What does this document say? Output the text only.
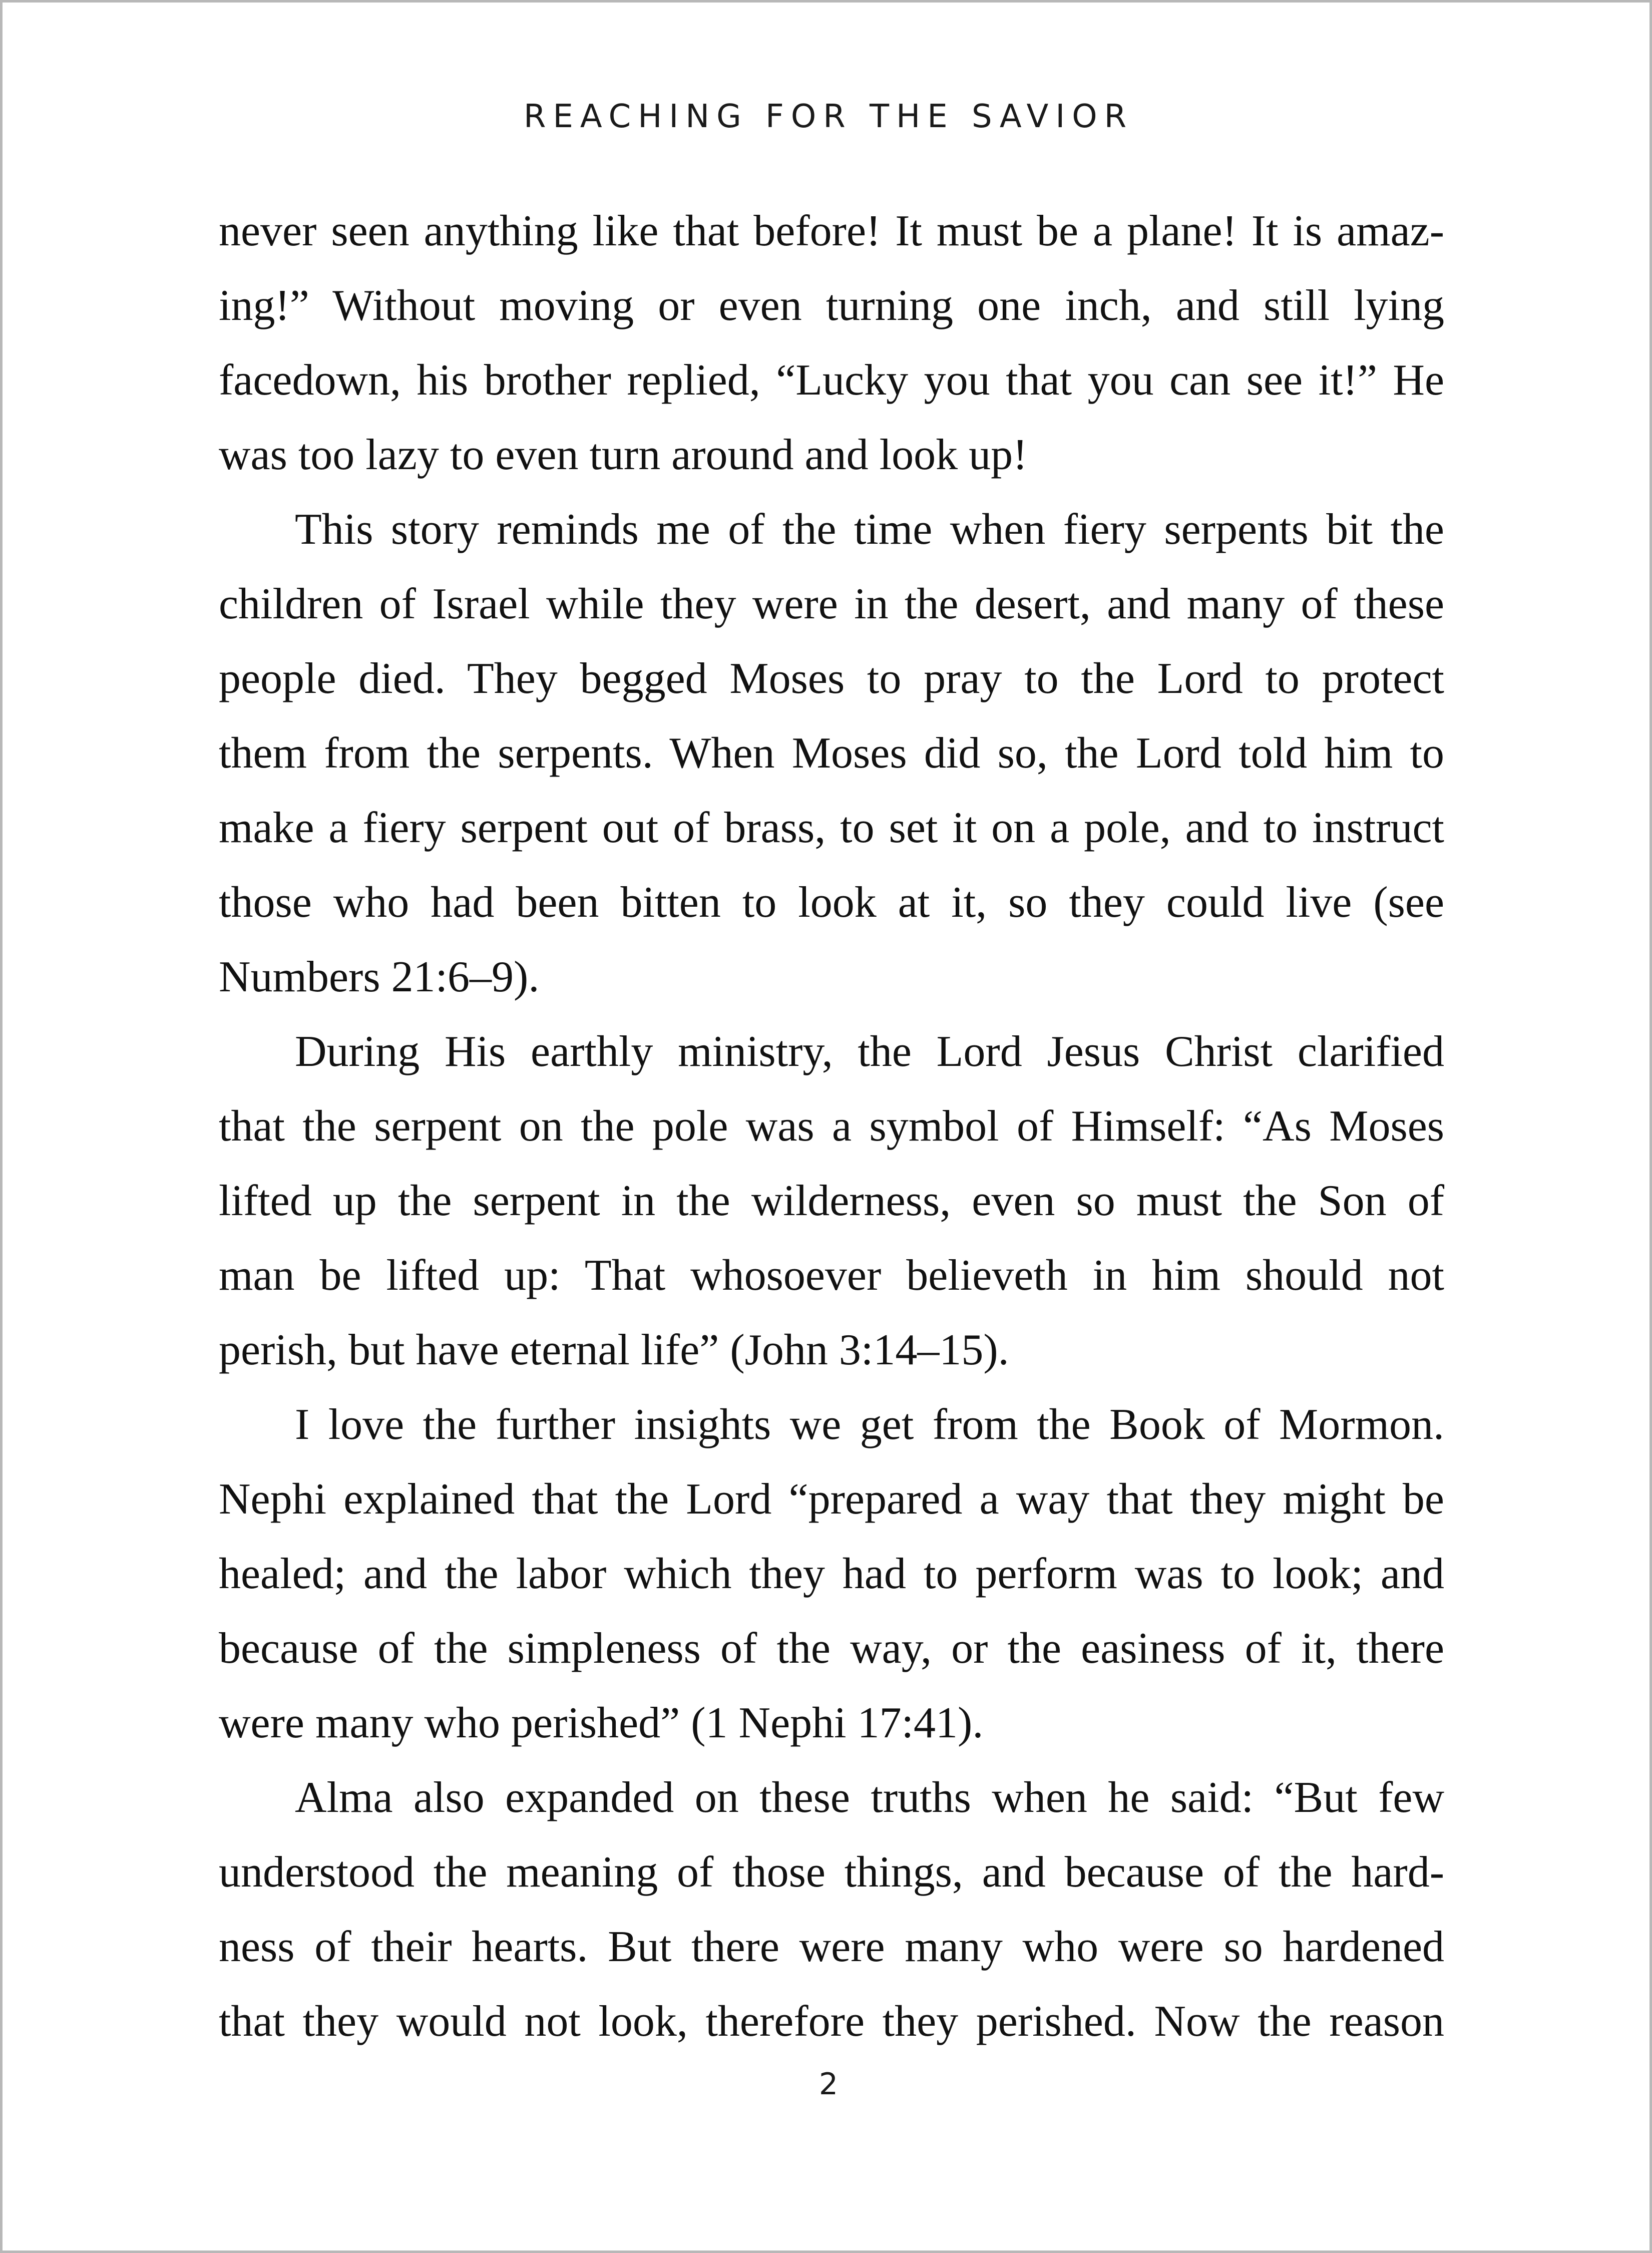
REACHING FOR THE SAVIOR

never seen anything like that before! It must be a plane! It is amaz-
ing!” Without moving or even turning one inch, and still lying
facedown, his brother replied, “Lucky you that you can see it!” He
was too lazy to even turn around and look up!

This story reminds me of the time when fiery serpents bit the
children of Israel while they were in the desert, and many of these
people died. They begged Moses to pray to the Lord to protect
them from the serpents. When Moses did so, the Lord told him to
make a fiery serpent out of brass, to set it on a pole, and to instruct
those who had been bitten to look at it, so they could live (see
Numbers 21:6–9).

During His earthly ministry, the Lord Jesus Christ clarified
that the serpent on the pole was a symbol of Himself: “As Moses
lifted up the serpent in the wilderness, even so must the Son of
man be lifted up: That whosoever believeth in him should not
perish, but have eternal life” (John 3:14–15).

I love the further insights we get from the Book of Mormon.
Nephi explained that the Lord “prepared a way that they might be
healed; and the labor which they had to perform was to look; and
because of the simpleness of the way, or the easiness of it, there
were many who perished” (1 Nephi 17:41).

Alma also expanded on these truths when he said: “But few
understood the meaning of those things, and because of the hard-
ness of their hearts. But there were many who were so hardened
that they would not look, therefore they perished. Now the reason

2
